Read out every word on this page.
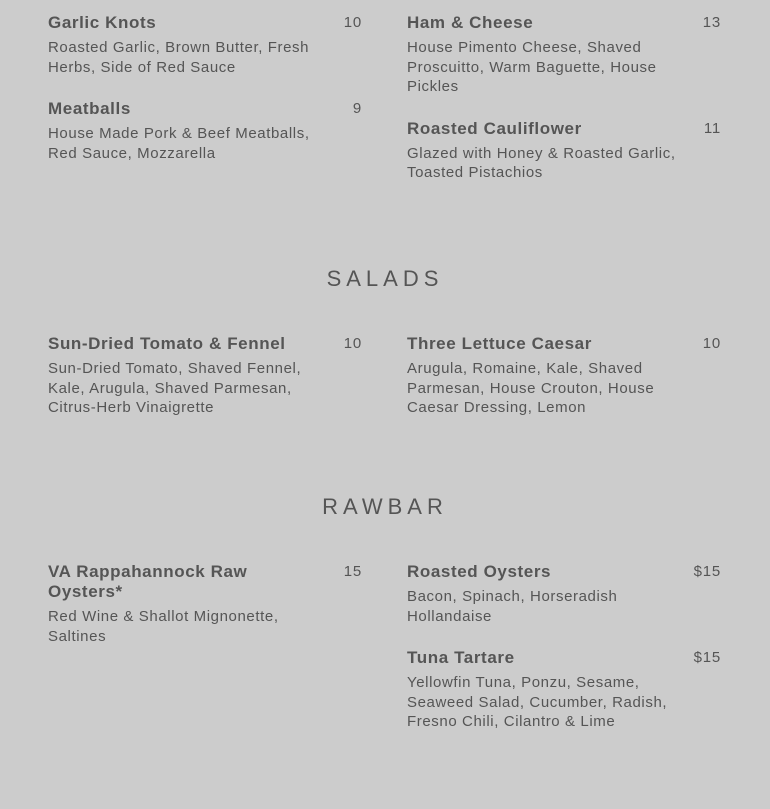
Garlic Knots	10
Roasted Garlic, Brown Butter, Fresh Herbs, Side of Red Sauce
Meatballs	9
House Made Pork & Beef Meatballs, Red Sauce, Mozzarella
Ham & Cheese	13
House Pimento Cheese, Shaved Proscuitto, Warm Baguette, House Pickles
Roasted Cauliflower	11
Glazed with Honey & Roasted Garlic, Toasted Pistachios
SALADS
Sun-Dried Tomato & Fennel	10
Sun-Dried Tomato, Shaved Fennel, Kale, Arugula, Shaved Parmesan, Citrus-Herb Vinaigrette
Three Lettuce Caesar	10
Arugula, Romaine, Kale, Shaved Parmesan, House Crouton, House Caesar Dressing, Lemon
RAWBAR
VA Rappahannock Raw Oysters*
15
Red Wine & Shallot Mignonette, Saltines
Roasted Oysters	$15
Bacon, Spinach, Horseradish Hollandaise
Tuna Tartare	$15
Yellowfin Tuna, Ponzu, Sesame, Seaweed Salad, Cucumber, Radish, Fresno Chili, Cilantro & Lime
